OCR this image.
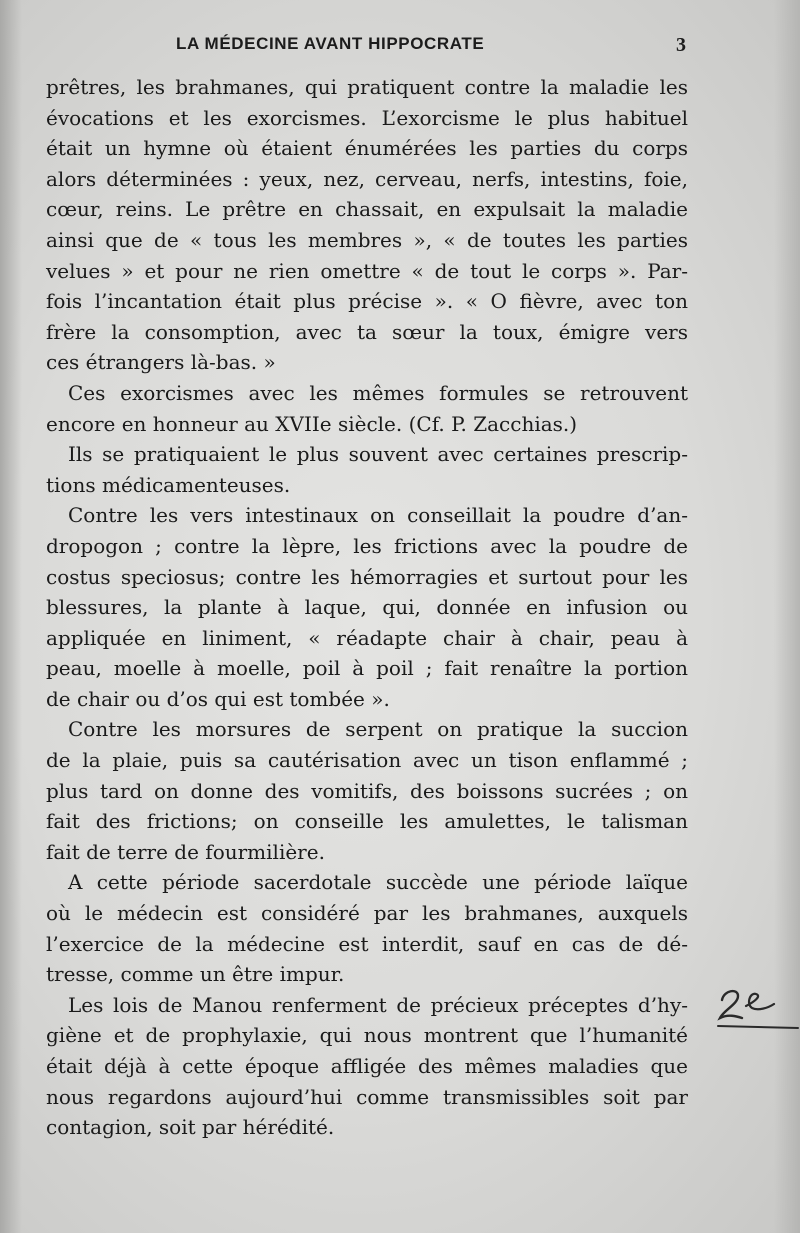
LA MÉDECINE AVANT HIPPOCRATE	3
prêtres, les brahmanes, qui pratiquent contre la maladie les
évocations et les exorcismes. L’exorcisme le plus habituel
était un hymne où étaient énumérées les parties du corps
alors déterminées : yeux, nez, cerveau, nerfs, intestins, foie,
cœur, reins. Le prêtre en chassait, en expulsait la maladie
ainsi que de « tous les membres », « de toutes les parties
velues » et pour ne rien omettre « de tout le corps ». Par-
fois l’incantation était plus précise ». « O fièvre, avec ton
frère la consomption, avec ta sœur la toux, émigre vers
ces étrangers là-bas. »
Ces exorcismes avec les mêmes formules se retrouvent
encore en honneur au XVIIe siècle. (Cf. P. Zacchias.)
Ils se pratiquaient le plus souvent avec certaines prescrip-
tions médicamenteuses.
Contre les vers intestinaux on conseillait la poudre d’an-
dropogon ; contre la lèpre, les frictions avec la poudre de
costus speciosus; contre les hémorragies et surtout pour les
blessures, la plante à laque, qui, donnée en infusion ou
appliquée en liniment, « réadapte chair à chair, peau à
peau, moelle à moelle, poil à poil ; fait renaître la portion
de chair ou d’os qui est tombée ».
Contre les morsures de serpent on pratique la succion
de la plaie, puis sa cautérisation avec un tison enflammé ;
plus tard on donne des vomitifs, des boissons sucrées ; on
fait des frictions; on conseille les amulettes, le talisman
fait de terre de fourmilière.
A cette période sacerdotale succède une période laïque
où le médecin est considéré par les brahmanes, auxquels
l’exercice de la médecine est interdit, sauf en cas de dé-
tresse, comme un être impur.
Les lois de Manou renferment de précieux préceptes d’hy-
giène et de prophylaxie, qui nous montrent que l’humanité
était déjà à cette époque affligée des mêmes maladies que
nous regardons aujourd’hui comme transmissibles soit par
contagion, soit par hérédité.
